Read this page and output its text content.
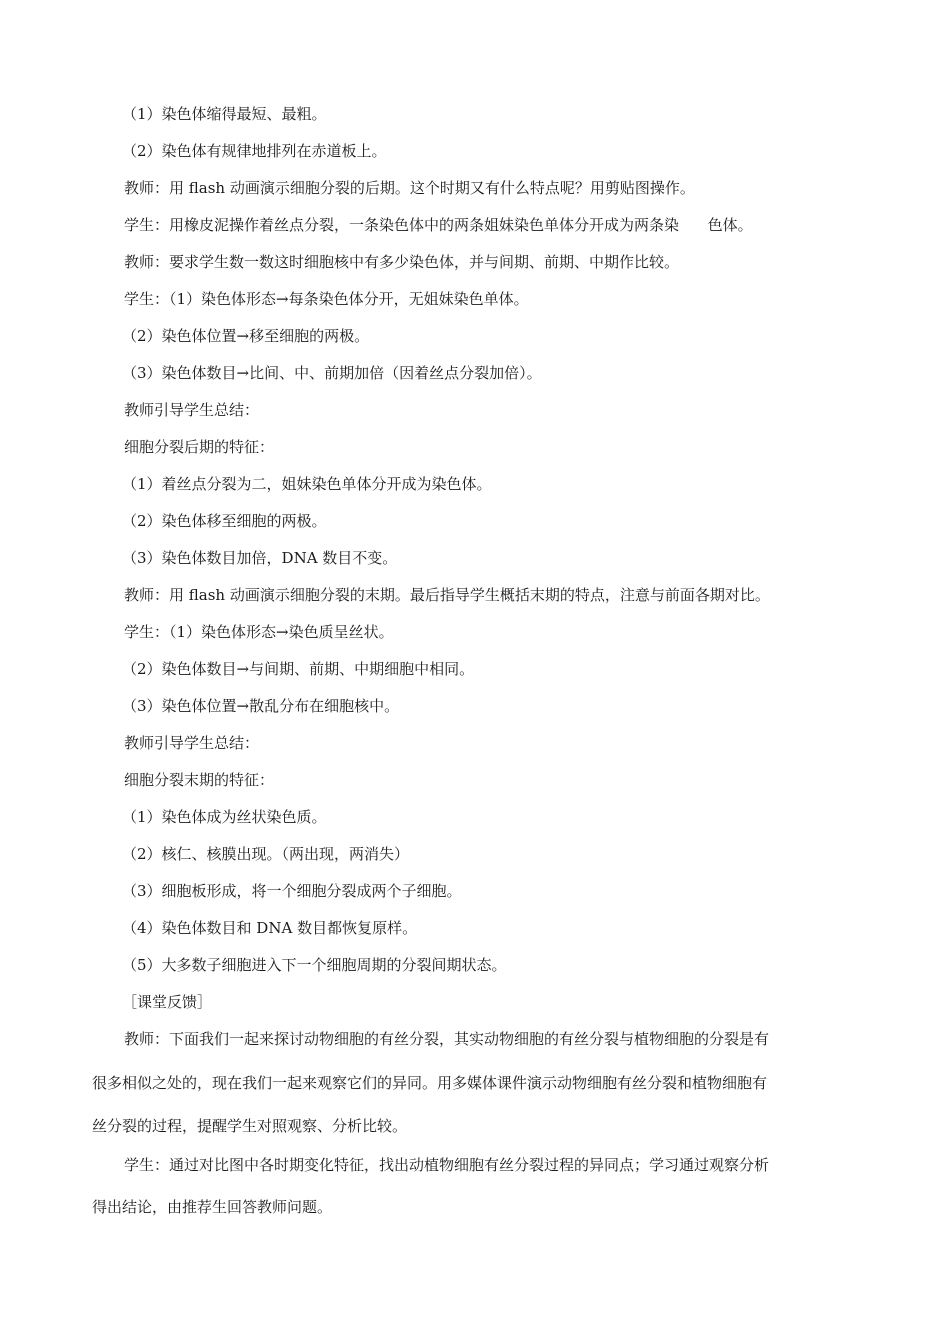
（1）染色体缩得最短、最粗。
（2）染色体有规律地排列在赤道板上。
教师：用 flash 动画演示细胞分裂的后期。这个时期又有什么特点呢？用剪贴图操作。
学生：用橡皮泥操作着丝点分裂，一条染色体中的两条姐妹染色单体分开成为两条染      色体。
教师：要求学生数一数这时细胞核中有多少染色体，并与间期、前期、中期作比较。
学生：（1）染色体形态→每条染色体分开，无姐妹染色单体。
（2）染色体位置→移至细胞的两极。
（3）染色体数目→比间、中、前期加倍（因着丝点分裂加倍）。
教师引导学生总结：
细胞分裂后期的特征：
（1）着丝点分裂为二，姐妹染色单体分开成为染色体。
（2）染色体移至细胞的两极。
（3）染色体数目加倍，DNA 数目不变。
教师：用 flash 动画演示细胞分裂的末期。最后指导学生概括末期的特点，注意与前面各期对比。
学生：（1）染色体形态→染色质呈丝状。
（2）染色体数目→与间期、前期、中期细胞中相同。
（3）染色体位置→散乱分布在细胞核中。
教师引导学生总结：
细胞分裂末期的特征：
（1）染色体成为丝状染色质。
（2）核仁、核膜出现。（两出现，两消失）
（3）细胞板形成，将一个细胞分裂成两个子细胞。
（4）染色体数目和 DNA 数目都恢复原样。
（5）大多数子细胞进入下一个细胞周期的分裂间期状态。
［课堂反馈］
教师：下面我们一起来探讨动物细胞的有丝分裂，其实动物细胞的有丝分裂与植物细胞的分裂是有
很多相似之处的，现在我们一起来观察它们的异同。用多媒体课件演示动物细胞有丝分裂和植物细胞有
丝分裂的过程，提醒学生对照观察、分析比较。
学生：通过对比图中各时期变化特征，找出动植物细胞有丝分裂过程的异同点；学习通过观察分析
得出结论，由推荐生回答教师问题。
